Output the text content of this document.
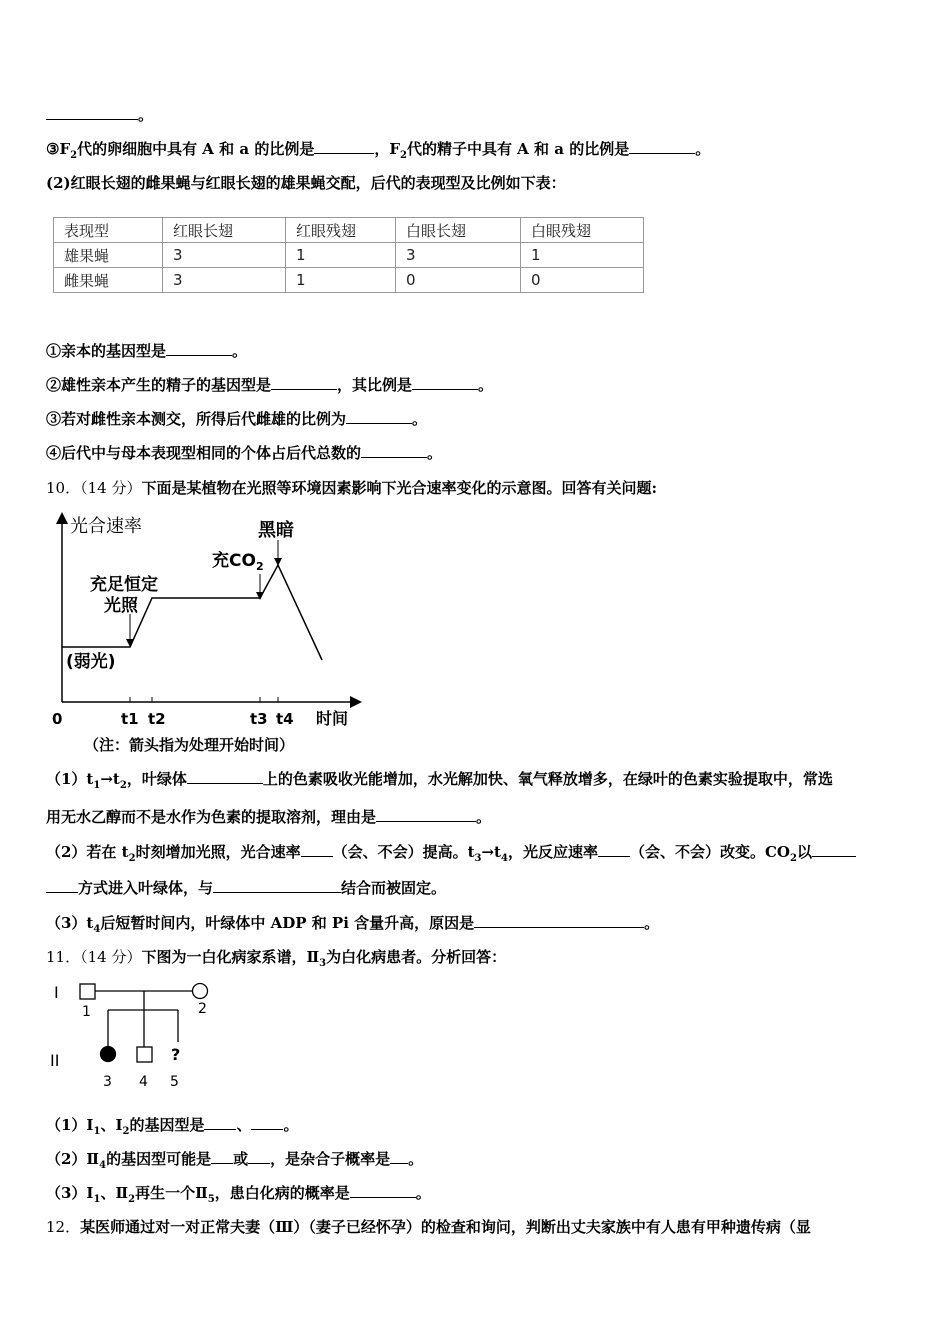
。
$③F_2$代的卵细胞中具有 A 和 a 的比例是	，$F_2$代的精子中具有 A 和 a 的比例是	。
(2)红眼长翅的雌果蝇与红眼长翅的雄果蝇交配，后代的表现型及比例如下表：
表现型	红眼长翅	红眼残翅	白眼长翅	白眼残翅
雄果蝇	3	1	3	1
雌果蝇	3	1	0	0
①亲本的基因型是	。
②雄性亲本产生的精子的基因型是	，其比例是	。
③若对雌性亲本测交，所得后代雌雄的比例为	。
④后代中与母本表现型相同的个体占后代总数的	。
10．（14 分）下面是某植物在光照等环境因素影响下光合速率变化的示意图。回答有关问题:
光合速率
时间
0	t1 t2	t3 t4
(弱光)
充足恒定
光照
充$CO_2$
黑暗
（注：箭头指为处理开始时间）
$(1)t_1\to t_2$，叶绿体	上的色素吸收光能增加，水光解加快、氧气释放增多，在绿叶的色素实验提取中，常选
用无水乙醇而不是水作为色素的提取溶剂，理由是	。
（2）若在 $t_2$时刻增加光照，光合速率 （会、不会）提高。$t_3\to t_4$，光反应速率 （会、不会）改变。$CO_2$以
方式进入叶绿体，与	结合而被固定。
$(3)t_4$后短暂时间内，叶绿体中 ADP 和 Pi 含量升高，原因是	。
11．（14 分）下图为一白化病家系谱，$Ⅱ_3$为白化病患者。分析回答：
I
II	?
1	2
3 4 5
$(1)Ⅰ_1$、$Ⅰ_2$的基因型是 、 。
$(2)Ⅱ_4$的基因型可能是 或 ，是杂合子概率是 。
$(3)Ⅰ_1$、$Ⅱ_2$再生一个$Ⅱ_5$，患白化病的概率是	。
12．某医师通过对一对正常夫妻（Ⅲ）（妻子已经怀孕）的检查和询问，判断出丈夫家族中有人患有甲种遗传病（显
